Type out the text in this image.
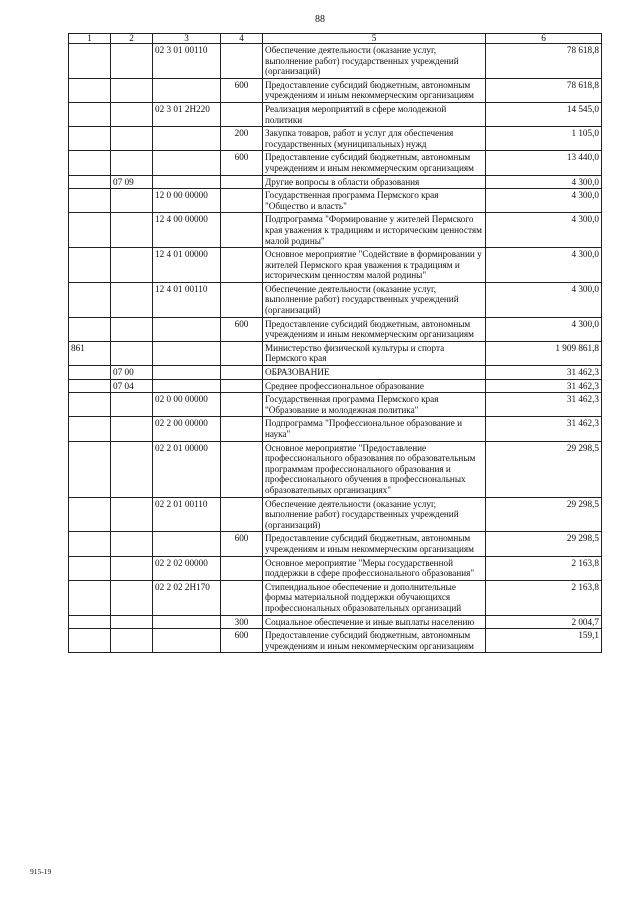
88
1	2	3	4	5	6
		02 3 01 00110		Обеспечение деятельности (оказание услуг, выполнение работ) государственных учреждений (организаций)	78 618,8
			600	Предоставление субсидий бюджетным, автономным учреждениям и иным некоммерческим организациям	78 618,8
		02 3 01 2Н220		Реализация мероприятий в сфере молодежной политики	14 545,0
			200	Закупка товаров, работ и услуг для обеспечения государственных (муниципальных) нужд	1 105,0
			600	Предоставление субсидий бюджетным, автономным учреждениям и иным некоммерческим организациям	13 440,0
	07 09			Другие вопросы в области образования	4 300,0
		12 0 00 00000		Государственная программа Пермского края "Общество и власть"	4 300,0
		12 4 00 00000		Подпрограмма "Формирование у жителей Пермского края уважения к традициям и историческим ценностям малой родины"	4 300,0
		12 4 01 00000		Основное мероприятие "Содействие в формировании у жителей Пермского края уважения к традициям и историческим ценностям малой родины"	4 300,0
		12 4 01 00110		Обеспечение деятельности (оказание услуг, выполнение работ) государственных учреждений (организаций)	4 300,0
			600	Предоставление субсидий бюджетным, автономным учреждениям и иным некоммерческим организациям	4 300,0
861				Министерство физической культуры и спорта Пермского края	1 909 861,8
	07 00			ОБРАЗОВАНИЕ	31 462,3
	07 04			Среднее профессиональное образование	31 462,3
		02 0 00 00000		Государственная программа Пермского края "Образование и молодежная политика"	31 462,3
		02 2 00 00000		Подпрограмма "Профессиональное образование и наука"	31 462,3
		02 2 01 00000		Основное мероприятие "Предоставление профессионального образования по образовательным программам профессионального образования и профессионального обучения в профессиональных образовательных организациях"	29 298,5
		02 2 01 00110		Обеспечение деятельности (оказание услуг, выполнение работ) государственных учреждений (организаций)	29 298,5
			600	Предоставление субсидий бюджетным, автономным учреждениям и иным некоммерческим организациям	29 298,5
		02 2 02 00000		Основное мероприятие "Меры государственной поддержки в сфере профессионального образования"	2 163,8
		02 2 02 2Н170		Стипендиальное обеспечение и дополнительные формы материальной поддержки обучающихся профессиональных образовательных организаций	2 163,8
			300	Социальное обеспечение и иные выплаты населению	2 004,7
			600	Предоставление субсидий бюджетным, автономным учреждениям и иным некоммерческим организациям	159,1
915-19
